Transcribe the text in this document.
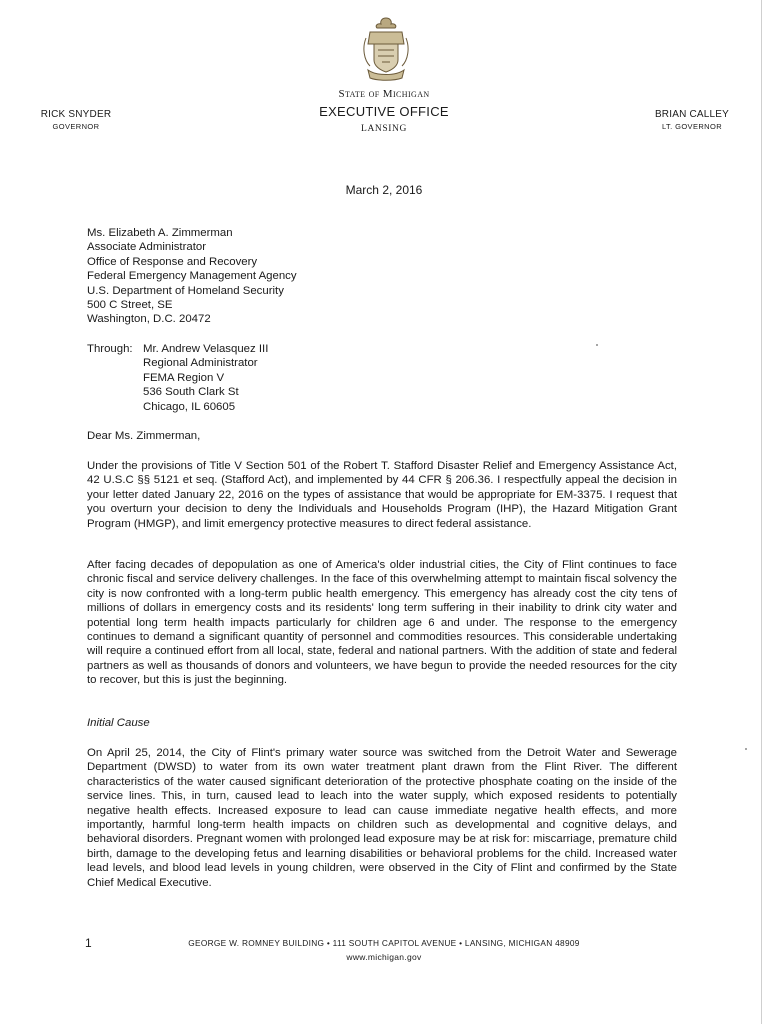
State of Michigan
EXECUTIVE OFFICE
LANSING
RICK SNYDER
GOVERNOR
BRIAN CALLEY
LT. GOVERNOR
March 2, 2016
Ms. Elizabeth A. Zimmerman
Associate Administrator
Office of Response and Recovery
Federal Emergency Management Agency
U.S. Department of Homeland Security
500 C Street, SE
Washington, D.C. 20472
Through: Mr. Andrew Velasquez III
Regional Administrator
FEMA Region V
536 South Clark St
Chicago, IL 60605
Dear Ms. Zimmerman,

Under the provisions of Title V Section 501 of the Robert T. Stafford Disaster Relief and Emergency Assistance Act, 42 U.S.C §§ 5121 et seq. (Stafford Act), and implemented by 44 CFR § 206.36. I respectfully appeal the decision in your letter dated January 22, 2016 on the types of assistance that would be appropriate for EM-3375. I request that you overturn your decision to deny the Individuals and Households Program (IHP), the Hazard Mitigation Grant Program (HMGP), and limit emergency protective measures to direct federal assistance.

After facing decades of depopulation as one of America's older industrial cities, the City of Flint continues to face chronic fiscal and service delivery challenges. In the face of this overwhelming attempt to maintain fiscal solvency the city is now confronted with a long-term public health emergency. This emergency has already cost the city tens of millions of dollars in emergency costs and its residents' long term suffering in their inability to drink city water and potential long term health impacts particularly for children age 6 and under. The response to the emergency continues to demand a significant quantity of personnel and commodities resources. This considerable undertaking will require a continued effort from all local, state, federal and national partners. With the addition of state and federal partners as well as thousands of donors and volunteers, we have begun to provide the needed resources for the city to recover, but this is just the beginning.

Initial Cause

On April 25, 2014, the City of Flint's primary water source was switched from the Detroit Water and Sewerage Department (DWSD) to water from its own water treatment plant drawn from the Flint River. The different characteristics of the water caused significant deterioration of the protective phosphate coating on the inside of the service lines. This, in turn, caused lead to leach into the water supply, which exposed residents to potentially negative health effects. Increased exposure to lead can cause immediate negative health effects, and more importantly, harmful long-term health impacts on children such as developmental and cognitive delays, and behavioral disorders. Pregnant women with prolonged lead exposure may be at risk for: miscarriage, premature child birth, damage to the developing fetus and learning disabilities or behavioral problems for the child. Increased water lead levels, and blood lead levels in young children, were observed in the City of Flint and confirmed by the State Chief Medical Executive.

1	GEORGE W. ROMNEY BUILDING • 111 SOUTH CAPITOL AVENUE • LANSING, MICHIGAN 48909
www.michigan.gov
